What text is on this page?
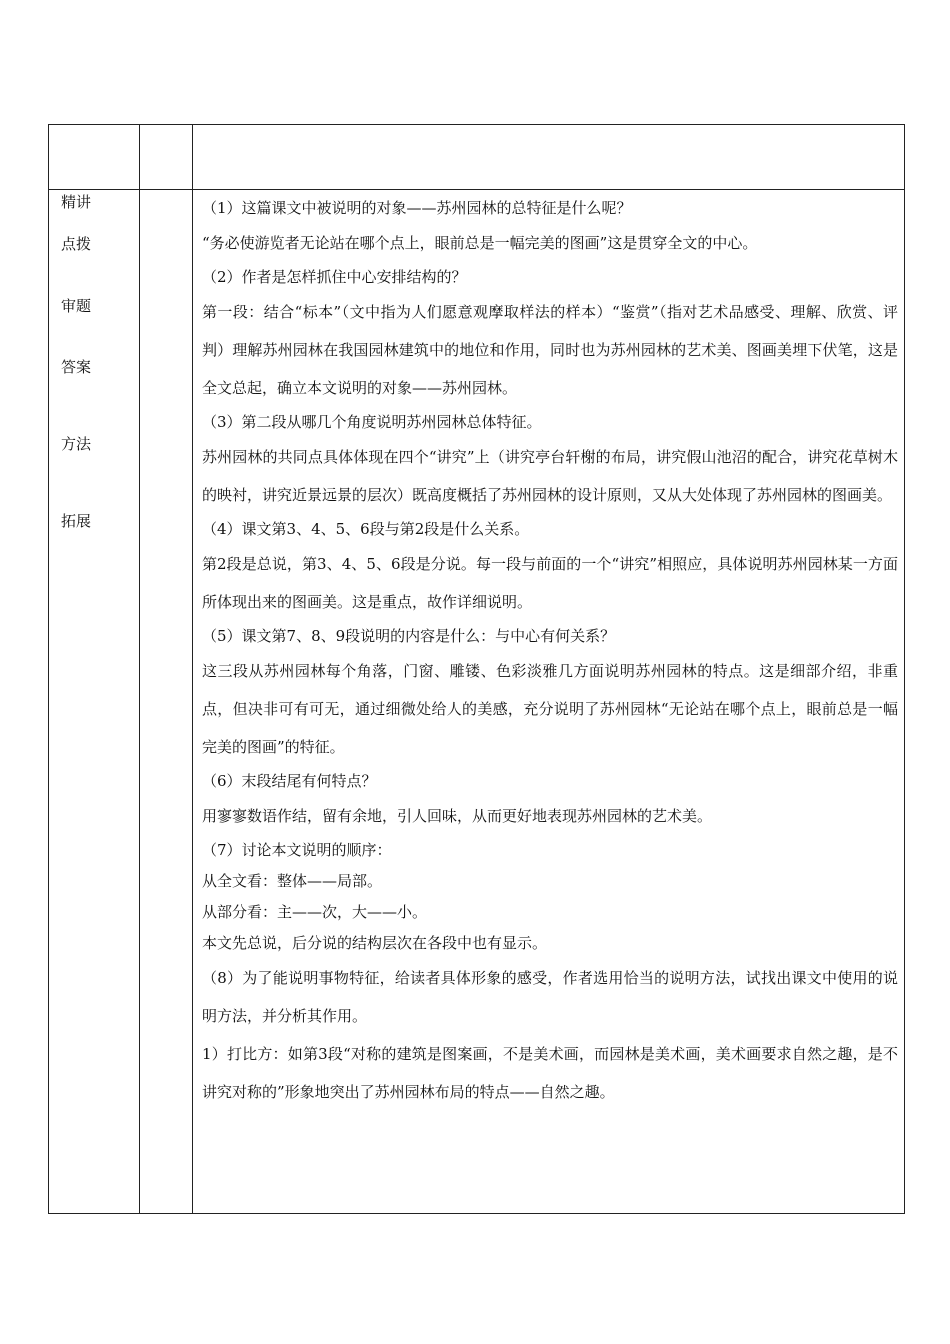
精讲
点拨
审题
答案
方法
拓展

（1）这篇课文中被说明的对象——苏州园林的总特征是什么呢？

“务必使游览者无论站在哪个点上，眼前总是一幅完美的图画”这是贯穿全文的中心。

（2）作者是怎样抓住中心安排结构的？

第一段：结合“标本”（文中指为人们愿意观摩取样法的样本）“鉴赏”（指对艺术品感受、理解、欣赏、评判）理解苏州园林在我国园林建筑中的地位和作用，同时也为苏州园林的艺术美、图画美埋下伏笔，这是全文总起，确立本文说明的对象——苏州园林。

（3）第二段从哪几个角度说明苏州园林总体特征。

苏州园林的共同点具体体现在四个“讲究”上（讲究亭台轩榭的布局，讲究假山池沼的配合，讲究花草树木的映衬，讲究近景远景的层次）既高度概括了苏州园林的设计原则，又从大处体现了苏州园林的图画美。

（4）课文第3、4、5、6段与第2段是什么关系。

第2段是总说，第3、4、5、6段是分说。每一段与前面的一个“讲究”相照应，具体说明苏州园林某一方面所体现出来的图画美。这是重点，故作详细说明。

（5）课文第7、8、9段说明的内容是什么：与中心有何关系？

这三段从苏州园林每个角落，门窗、雕镂、色彩淡雅几方面说明苏州园林的特点。这是细部介绍，非重点，但决非可有可无，通过细微处给人的美感，充分说明了苏州园林“无论站在哪个点上，眼前总是一幅完美的图画”的特征。

（6）末段结尾有何特点？

用寥寥数语作结，留有余地，引人回味，从而更好地表现苏州园林的艺术美。

（7）讨论本文说明的顺序：

从全文看：整体——局部。

从部分看：主——次，大——小。

本文先总说，后分说的结构层次在各段中也有显示。

（8）为了能说明事物特征，给读者具体形象的感受，作者选用恰当的说明方法，试找出课文中使用的说明方法，并分析其作用。

1）打比方：如第3段“对称的建筑是图案画，不是美术画，而园林是美术画，美术画要求自然之趣，是不讲究对称的”形象地突出了苏州园林布局的特点——自然之趣。
